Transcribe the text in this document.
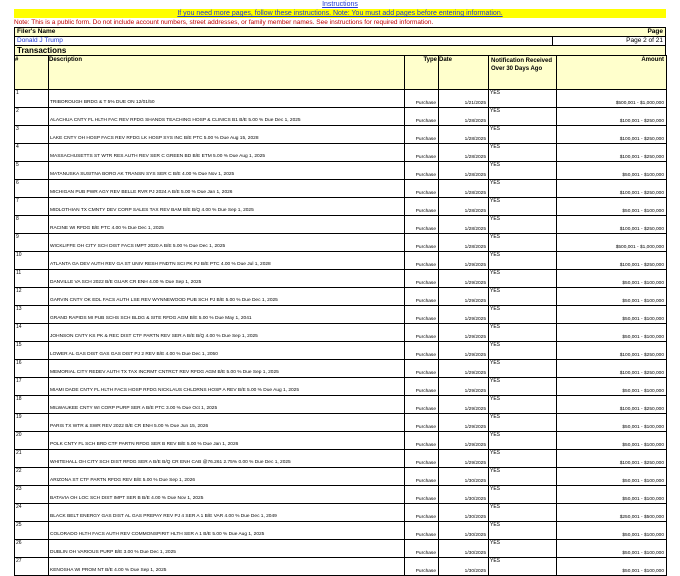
Instructions
If you need more pages, follow these instructions. Note: You must add pages before entering information.
Note: This is a public form. Do not include account numbers, street addresses, or family member names. See instructions for required information.
Filer's Name	Page
Donald J Trump	Page 2 of 21
Transactions
#	Description	Type	Date	Notification Received Over 30 Days Ago	Amount
1	TRIBOROUGH BRDG & T 5% DUE ON 12/01/50	Purchase	1/21/2025	YES	$500,001 - $1,000,000
2	ALACHUA CNTY FL HLTH FAC REV RFDG SHANDS TEACHING HOSP & CLINICS B1 B/E 5.00 % Due Dec 1, 2025	Purchase	1/28/2025	YES	$100,001 - $250,000
3	LAKE CNTY OH HOSP FACS REV RFDG LK HOSP SYS INC B/E PTC 5.00 % Due Aug 15, 2028	Purchase	1/28/2025	YES	$100,001 - $250,000
4	MASSACHUSETTS ST WTR RES AUTH REV SER C GREEN BD B/E ETM 5.00 % Due Aug 1, 2025	Purchase	1/28/2025	YES	$100,001 - $250,000
5	MATANUSKA SUSITNA BORO AK TRANSN SYS SER C B/E 4.00 % Due Nov 1, 2025	Purchase	1/28/2025	YES	$50,001 - $100,000
6	MICHIGAN PUB PWR AGY REV BELLE RVR PJ 2024 A B/E 5.00 % Due Jan 1, 2026	Purchase	1/28/2025	YES	$100,001 - $250,000
7	MIDLOTHIAN TX CMNTY DEV CORP SALES TAX REV BAM B/E B/Q 4.00 % Due Sep 1, 2025	Purchase	1/28/2025	YES	$50,001 - $100,000
8	RACINE WI RFDG B/E PTC 4.00 % Due Dec 1, 2025	Purchase	1/28/2025	YES	$100,001 - $250,000
9	WICKLIFFE OH CITY SCH DIST FACS IMPT 2020 A B/E 5.00 % Due Dec 1, 2025	Purchase	1/28/2025	YES	$500,001 - $1,000,000
10	ATLANTA GA DEV AUTH REV GA ST UNIV RESH FNDTN SCI PK PJ B/E PTC 4.00 % Due Jul 1, 2028	Purchase	1/29/2025	YES	$100,001 - $250,000
11	DANVILLE VA SCH 2022 B/E GUAR CR ENH 4.00 % Due Sep 1, 2025	Purchase	1/29/2025	YES	$50,001 - $100,000
12	GARVIN CNTY OK EDL FACS AUTH LSE REV WYNNEWOOD PUB SCH PJ B/E 5.00 % Due Dec 1, 2025	Purchase	1/29/2025	YES	$50,001 - $100,000
13	GRAND RAPIDS MI PUB SCHS SCH BLDG & SITE RFDG AGM B/E 5.00 % Due May 1, 2041	Purchase	1/29/2025	YES	$50,001 - $100,000
14	JOHNSON CNTY KS PK & REC DIST CTF PARTN REV SER A B/E B/Q 4.00 % Due Sep 1, 2025	Purchase	1/29/2025	YES	$50,001 - $100,000
15	LOWER AL GAS DIST GAS GAS DIST PJ 2 REV B/E 4.00 % Due Dec 1, 2050	Purchase	1/29/2025	YES	$100,001 - $250,000
16	MEMORIAL CITY REDEV AUTH TX TAX INCRMT CNTRCT REV RFDG AGM B/E 5.00 % Due Sep 1, 2025	Purchase	1/29/2025	YES	$100,001 - $250,000
17	MIAMI DADE CNTY FL HLTH FACS HOSP RFDG NICKLAUS CHLDRNS HOSP A REV B/E 5.00 % Due Aug 1, 2025	Purchase	1/29/2025	YES	$50,001 - $100,000
18	MILWAUKEE CNTY WI CORP PURP SER A B/E PTC 3.00 % Due Oct 1, 2025	Purchase	1/29/2025	YES	$100,001 - $250,000
19	PARIS TX WTR & SWR REV 2022 B/E CR ENH 5.00 % Due Jun 15, 2026	Purchase	1/29/2025	YES	$50,001 - $100,000
20	POLK CNTY FL SCH BRD CTF PARTN RFDG SER B REV B/E 5.00 % Due Jan 1, 2026	Purchase	1/29/2025	YES	$50,001 - $100,000
21	WHITEHALL OH CITY SCH DIST RFDG SER A B/E B/Q CR ENH CAB @76.261 2.75% 0.00 % Due Dec 1, 2025	Purchase	1/29/2025	YES	$100,001 - $250,000
22	ARIZONA ST CTF PARTN RFDG REV B/E 5.00 % Due Sep 1, 2026	Purchase	1/30/2025	YES	$50,001 - $100,000
23	BATAVIA OH LOC SCH DIST IMPT SER B B/E 4.00 % Due Nov 1, 2025	Purchase	1/30/2025	YES	$50,001 - $100,000
24	BLACK BELT ENERGY GAS DIST AL GAS PREPAY REV PJ 4 SER A 1 B/E VAR 4.00 % Due Dec 1, 2049	Purchase	1/30/2025	YES	$250,001 - $500,000
25	COLORADO HLTH FACS AUTH REV COMMONSPIRIT HLTH SER A 1 B/E 5.00 % Due Aug 1, 2025	Purchase	1/30/2025	YES	$50,001 - $100,000
26	DUBLIN OH VARIOUS PURP B/E 3.00 % Due Dec 1, 2025	Purchase	1/30/2025	YES	$50,001 - $100,000
27	KENOSHA WI PROM NT B/E 4.00 % Due Sep 1, 2025	Purchase	1/30/2025	YES	$50,001 - $100,000
